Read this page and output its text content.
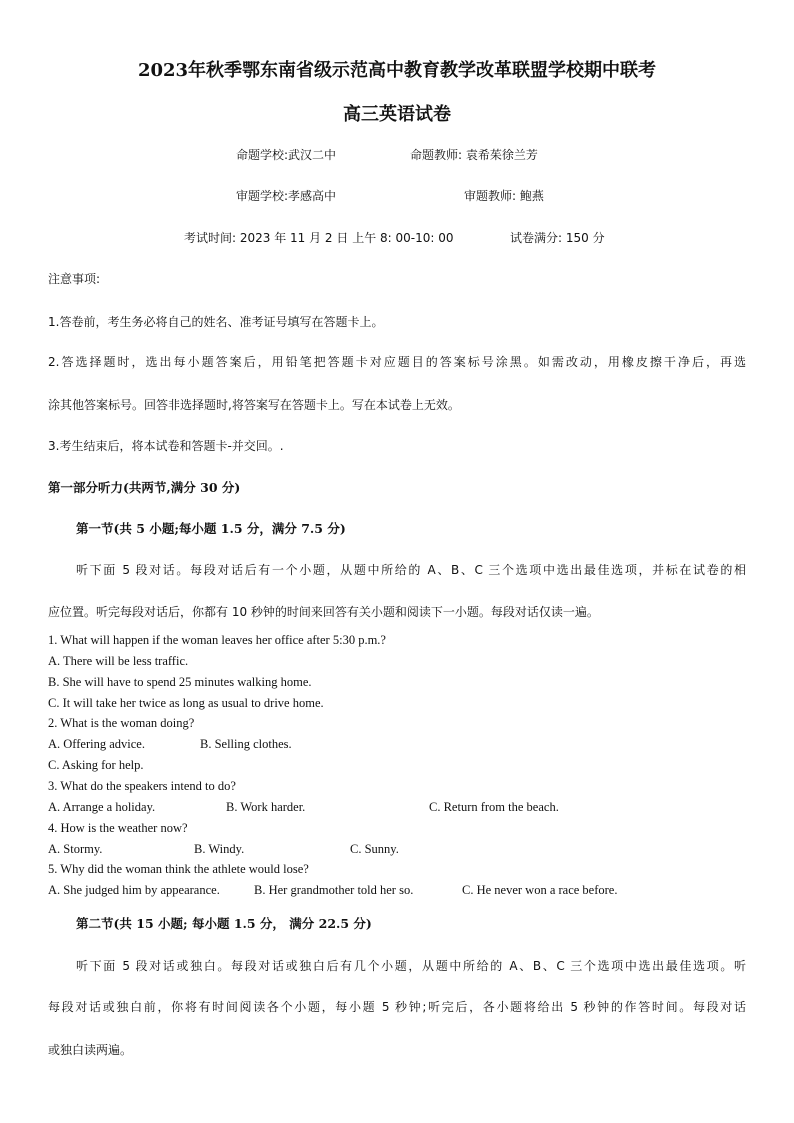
2023年秋季鄂东南省级示范高中教育教学改革联盟学校期中联考
高三英语试卷
命题学校:武汉二中	命题教师: 袁希茱徐兰芳
审题学校:孝感高中	审题教师: 鲍燕
考试时间: 2023 年 11 月 2 日 上午 8: 00-10: 00	试卷满分: 150 分
注意事项:
1.答卷前，考生务必将自己的姓名、准考证号填写在答题卡上。
2.答选择题时，选出每小题答案后，用铅笔把答题卡对应题目的答案标号涂黑。如需改动，用橡皮擦干净后，再选
涂其他答案标号。回答非选择题时,将答案写在答题卡上。写在本试卷上无效。
3.考生结束后，将本试卷和答题卡-并交回。.
第一部分听力(共两节,满分 30 分)
第一节(共 5 小题;每小题 1.5 分，满分 7.5 分)
听下面 5 段对话。每段对话后有一个小题，从题中所给的 A、B、C 三个选项中选出最佳选项，并标在试卷的相
应位置。听完每段对话后，你都有 10 秒钟的时间来回答有关小题和阅读下一小题。每段对话仅读一遍。
1. What will happen if the woman leaves her office after 5:30 p.m.?
A. There will be less traffic.
B. She will have to spend 25 minutes walking home.
C. It will take her twice as long as usual to drive home.
2. What is the woman doing?
A. Offering advice.	B. Selling clothes.
C. Asking for help.
3. What do the speakers intend to do?
A. Arrange a holiday.	B. Work harder.	C. Return from the beach.
4. How is the weather now?
A. Stormy.	B. Windy.	C. Sunny.
5. Why did the woman think the athlete would lose?
A. She judged him by appearance.	B. Her grandmother told her so.	C. He never won a race before.
第二节(共 15 小题; 每小题 1.5 分， 满分 22.5 分)
听下面 5 段对话或独白。每段对话或独白后有几个小题，从题中所给的 A、B、C 三个选项中选出最佳选项。听
每段对话或独白前，你将有时间阅读各个小题，每小题 5 秒钟;听完后，各小题将给出 5 秒钟的作答时间。每段对话
或独白读两遍。
